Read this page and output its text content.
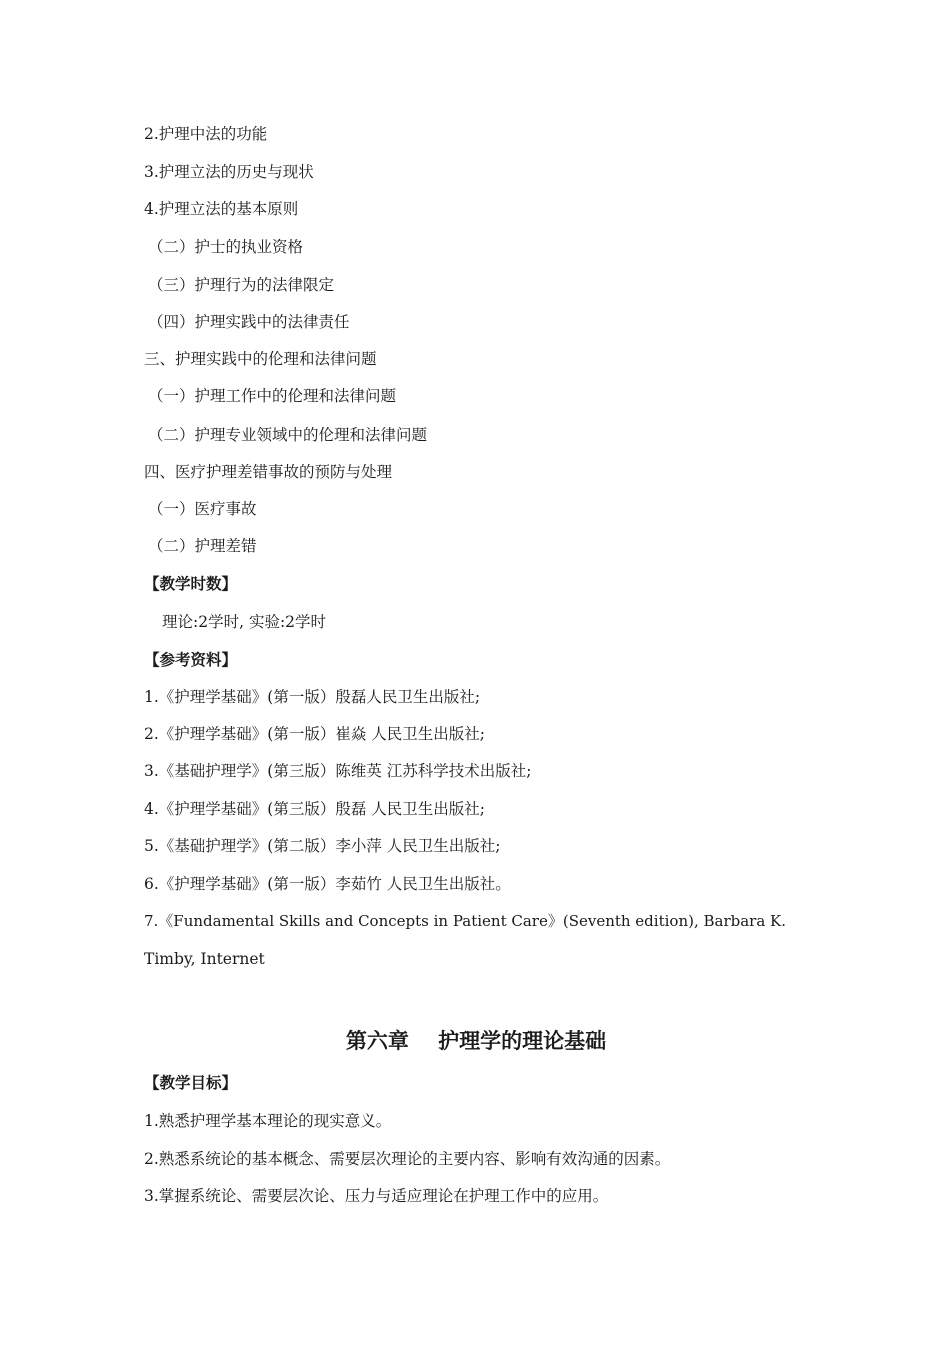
2.护理中法的功能
3.护理立法的历史与现状
4.护理立法的基本原则
（二）护士的执业资格
（三）护理行为的法律限定
（四）护理实践中的法律责任
三、护理实践中的伦理和法律问题
（一）护理工作中的伦理和法律问题
（二）护理专业领域中的伦理和法律问题
四、医疗护理差错事故的预防与处理
（一）医疗事故
（二）护理差错
【教学时数】
理论:2学时, 实验:2学时
【参考资料】
1.《护理学基础》(第一版）殷磊人民卫生出版社;
2.《护理学基础》(第一版）崔焱 人民卫生出版社;
3.《基础护理学》(第三版）陈维英 江苏科学技术出版社;
4.《护理学基础》(第三版）殷磊 人民卫生出版社;
5.《基础护理学》(第二版）李小萍 人民卫生出版社;
6.《护理学基础》(第一版）李茹竹 人民卫生出版社。
7.《Fundamental Skills and Concepts in Patient Care》(Seventh edition), Barbara K.
Timby, Internet
第六章    护理学的理论基础
【教学目标】
1.熟悉护理学基本理论的现实意义。
2.熟悉系统论的基本概念、需要层次理论的主要内容、影响有效沟通的因素。
3.掌握系统论、需要层次论、压力与适应理论在护理工作中的应用。
